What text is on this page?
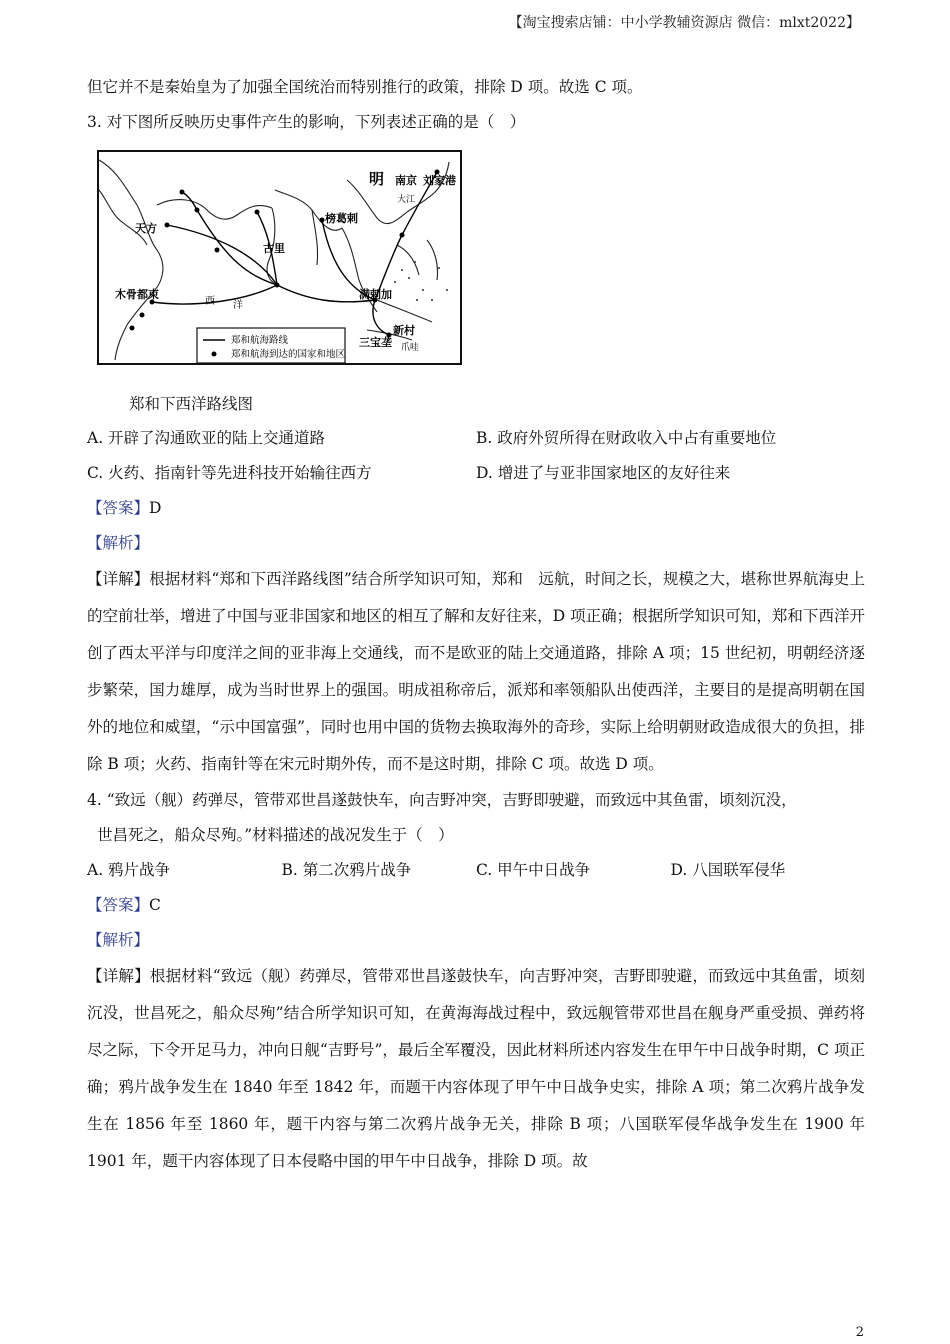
【淘宝搜索店铺：中小学教辅资源店 微信：mlxt2022】
但它并不是秦始皇为了加强全国统治而特别推行的政策，排除 D 项。故选 C 项。
3. 对下图所反映历史事件产生的影响，下列表述正确的是（　）
明 南京 刘家港
大江
天方
古里
榜葛剌
木骨都束	满剌加
新村
三宝垄 爪哇
西 洋
郑和航海路线
郑和航海到达的国家和地区
郑和下西洋路线图
A. 开辟了沟通欧亚的陆上交通道路	B. 政府外贸所得在财政收入中占有重要地位
C. 火药、指南针等先进科技开始输往西方	D. 增进了与亚非国家地区的友好往来
【答案】D
【解析】
【详解】根据材料“郑和下西洋路线图”结合所学知识可知，郑和　远航，时间之长，规模之大，堪称世界航海史上的空前壮举，增进了中国与亚非国家和地区的相互了解和友好往来，D 项正确；根据所学知识可知，郑和下西洋开创了西太平洋与印度洋之间的亚非海上交通线，而不是欧亚的陆上交通道路，排除 A 项；15 世纪初，明朝经济逐步繁荣，国力雄厚，成为当时世界上的强国。明成祖称帝后，派郑和率领船队出使西洋，主要目的是提高明朝在国外的地位和威望，“示中国富强”，同时也用中国的货物去换取海外的奇珍，实际上给明朝财政造成很大的负担，排除 B 项；火药、指南针等在宋元时期外传，而不是这时期，排除 C 项。故选 D 项。
4. “致远（舰）药弹尽，管带邓世昌遂鼓快车，向吉野冲突，吉野即驶避，而致远中其鱼雷，顷刻沉没，
世昌死之，船众尽殉。”材料描述的战况发生于（　）
A. 鸦片战争	B. 第二次鸦片战争	C. 甲午中日战争	D. 八国联军侵华
【答案】C
【解析】
【详解】根据材料“致远（舰）药弹尽，管带邓世昌遂鼓快车，向吉野冲突，吉野即驶避，而致远中其鱼雷，顷刻沉没，世昌死之，船众尽殉”结合所学知识可知，在黄海海战过程中，致远舰管带邓世昌在舰身严重受损、弹药将尽之际，下令开足马力，冲向日舰“吉野号”，最后全军覆没，因此材料所述内容发生在甲午中日战争时期，C 项正确；鸦片战争发生在 1840 年至 1842 年，而题干内容体现了甲午中日战争史实，排除 A 项；第二次鸦片战争发生在 1856 年至 1860 年，题干内容与第二次鸦片战争无关，排除 B 项；八国联军侵华战争发生在 1900 年 1901 年，题干内容体现了日本侵略中国的甲午中日战争，排除 D 项。故
2
